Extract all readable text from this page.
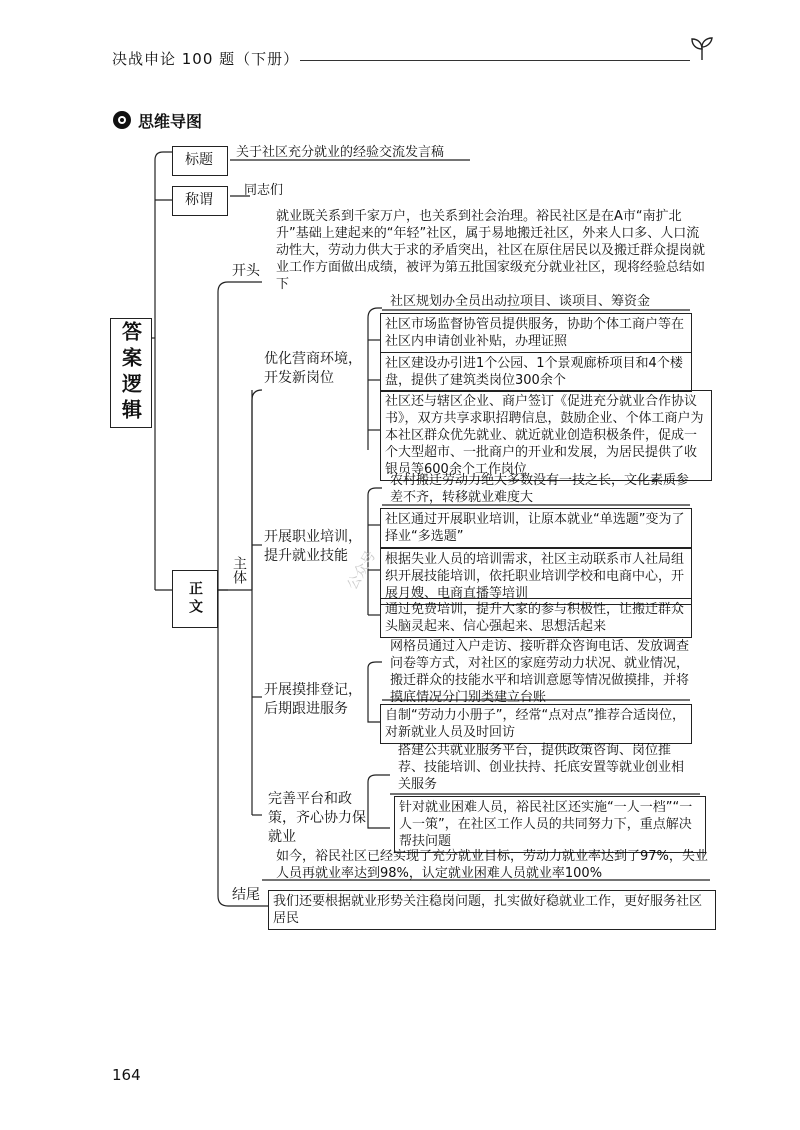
决战申论 100 题（下册）
思维导图
答案逻辑
标题 关于社区充分就业的经验交流发言稿
称谓
同志们
正文
开头
就业既关系到千家万户，也关系到社会治理。裕民社区是在A市“南扩北升”基础上建起来的“年轻”社区，属于易地搬迁社区，外来人口多、人口流动性大，劳动力供大于求的矛盾突出，社区在原住居民以及搬迁群众提岗就业工作方面做出成绩，被评为第五批国家级充分就业社区，现将经验总结如下
主体
优化营商环境，开发新岗位
社区规划办全员出动拉项目、谈项目、筹资金
社区市场监督协管员提供服务，协助个体工商户等在社区内申请创业补贴，办理证照
社区建设办引进1个公园、1个景观廊桥项目和4个楼盘，提供了建筑类岗位300余个
社区还与辖区企业、商户签订《促进充分就业合作协议书》，双方共享求职招聘信息，鼓励企业、个体工商户为本社区群众优先就业、就近就业创造积极条件，促成一个大型超市、一批商户的开业和发展，为居民提供了收银员等600余个工作岗位
开展职业培训，提升就业技能
农村搬迁劳动力绝大多数没有一技之长，文化素质参差不齐，转移就业难度大
社区通过开展职业培训，让原本就业“单选题”变为了择业“多选题”
根据失业人员的培训需求，社区主动联系市人社局组织开展技能培训，依托职业培训学校和电商中心，开展月嫂、电商直播等培训
通过免费培训，提升大家的参与积极性，让搬迁群众头脑灵起来、信心强起来、思想活起来
开展摸排登记，后期跟进服务
网格员通过入户走访、接听群众咨询电话、发放调查问卷等方式，对社区的家庭劳动力状况、就业情况，搬迁群众的技能水平和培训意愿等情况做摸排，并将摸底情况分门别类建立台账
自制“劳动力小册子”，经常“点对点”推荐合适岗位，对新就业人员及时回访
完善平台和政策，齐心协力保就业
搭建公共就业服务平台，提供政策咨询、岗位推荐、技能培训、创业扶持、托底安置等就业创业相关服务
针对就业困难人员，裕民社区还实施“一人一档”“一人一策”，在社区工作人员的共同努力下，重点解决帮扶问题
结尾
如今，裕民社区已经实现了充分就业目标，劳动力就业率达到了97%，失业人员再就业率达到98%，认定就业困难人员就业率100%
我们还要根据就业形势关注稳岗问题，扎实做好稳就业工作，更好服务社区居民
公众号
164
